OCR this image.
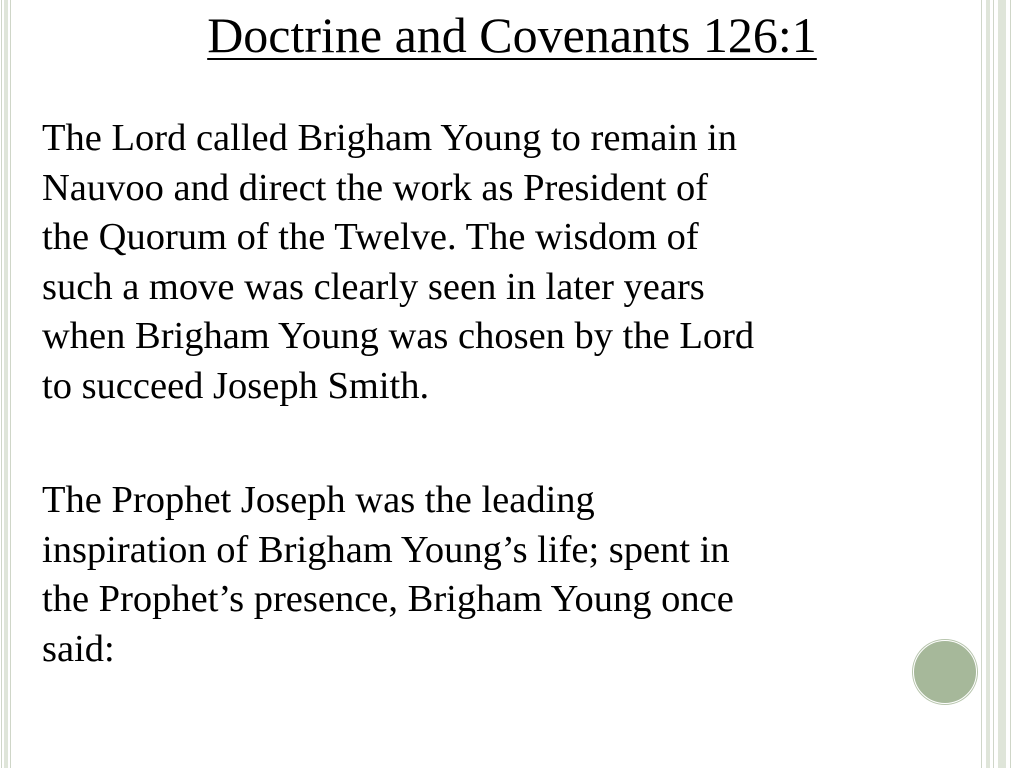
Doctrine and Covenants 126:1

The Lord called Brigham Young to remain in
Nauvoo and direct the work as President of
the Quorum of the Twelve. The wisdom of
such a move was clearly seen in later years
when Brigham Young was chosen by the Lord
to succeed Joseph Smith.

The Prophet Joseph was the leading
inspiration of Brigham Young’s life; spent in
the Prophet’s presence, Brigham Young once
said:
